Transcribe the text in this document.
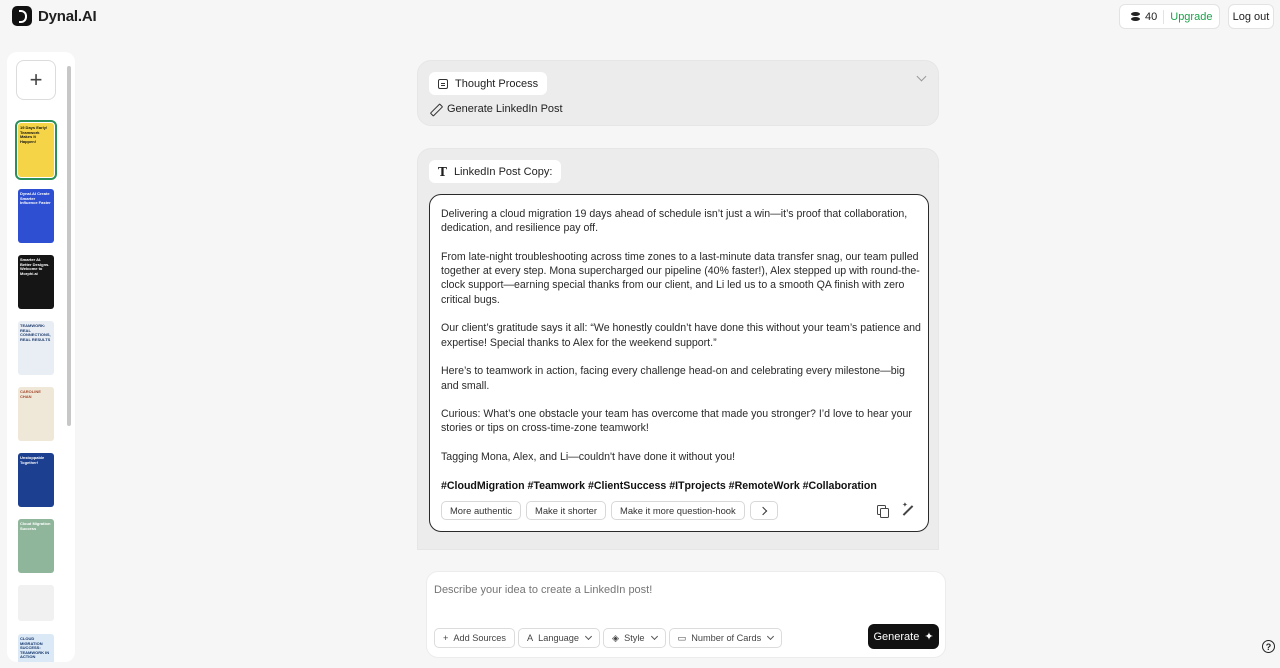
Dynal.AI	40 Upgrade	Log out
+
19 Days Early! Teamwork Makes It Happen!
Dynal.AI Create Smarter Influence Faster
Smarter AI. Better Designs. Welcome to Morphi.ai
TEAMWORK: REAL CONNECTIONS, REAL RESULTS
CAROLINE CHAN
Unstoppable Together!
Cloud Migration Success
CLOUD MIGRATION SUCCESS: TEAMWORK IN ACTION
Thought Process
Generate LinkedIn Post
T LinkedIn Post Copy:

Delivering a cloud migration 19 days ahead of schedule isn’t just a win—it’s proof that collaboration, dedication, and resilience pay off.

From late-night troubleshooting across time zones to a last-minute data transfer snag, our team pulled together at every step. Mona supercharged our pipeline (40% faster!), Alex stepped up with round-the-clock support—earning special thanks from our client, and Li led us to a smooth QA finish with zero critical bugs.

Our client’s gratitude says it all: “We honestly couldn’t have done this without your team’s patience and expertise! Special thanks to Alex for the weekend support.”

Here’s to teamwork in action, facing every challenge head-on and celebrating every milestone—big and small.

Curious: What’s one obstacle your team has overcome that made you stronger? I’d love to hear your stories or tips on cross-time-zone teamwork!

Tagging Mona, Alex, and Li—couldn't have done it without you!

#CloudMigration #Teamwork #ClientSuccess #ITprojects #RemoteWork #Collaboration

More authentic	Make it shorter	Make it more question-hook
✦
Describe your idea to create a LinkedIn post!
+ Add Sources A Language	◈ Style	▭ Number of Cards	Generate ✦
?
